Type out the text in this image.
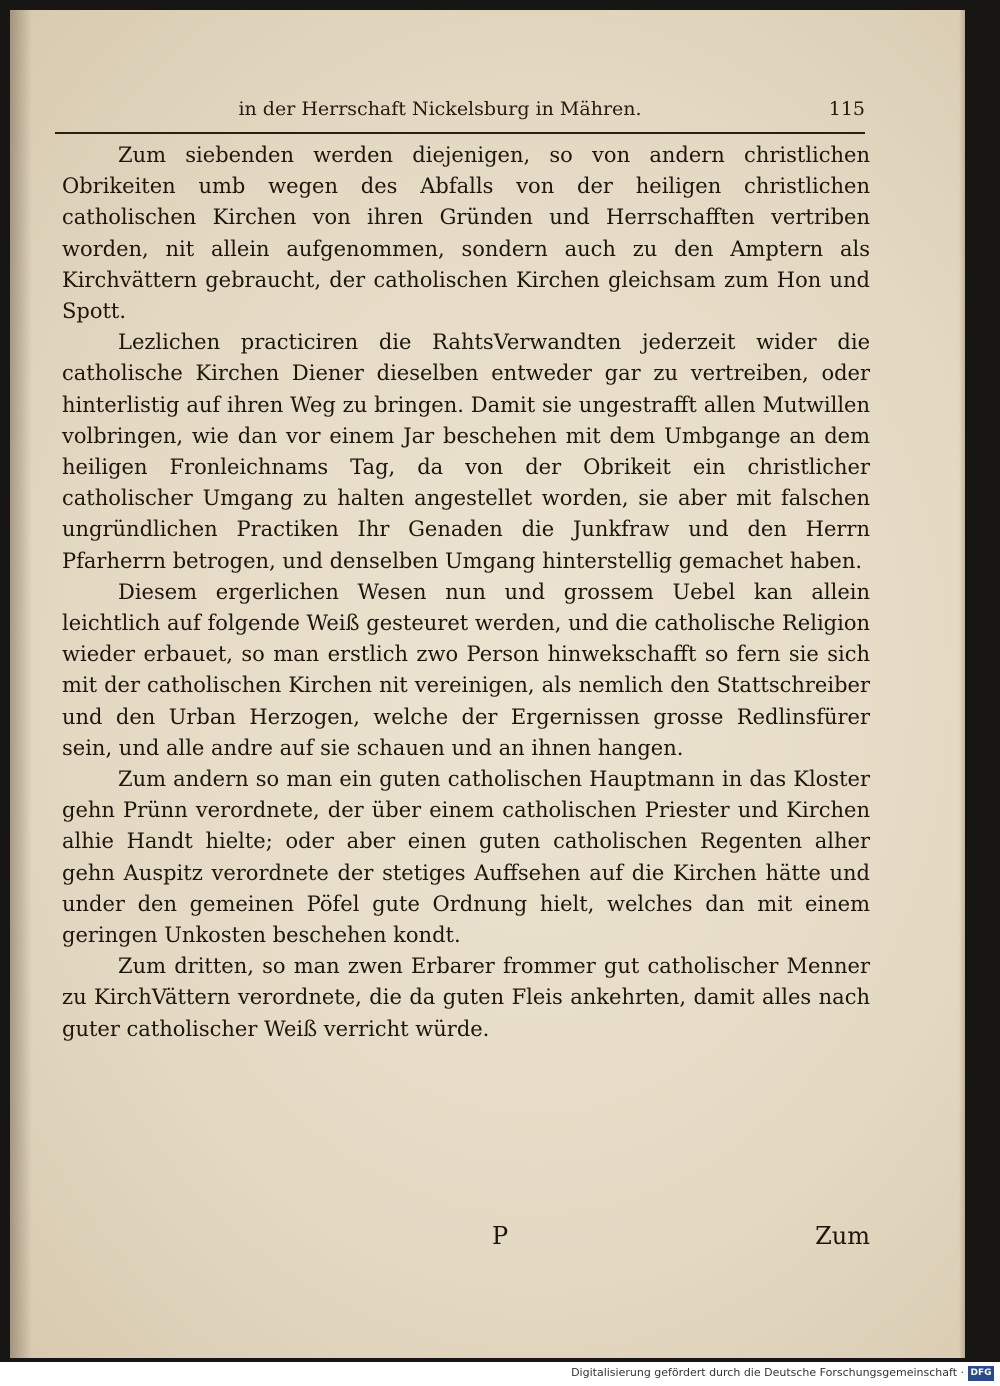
in der Herrschaft Nickelsburg in Mähren.	115

Zum siebenden werden diejenigen, so von andern christlichen Obrikeiten umb wegen des Abfalls von der heiligen christlichen catholischen Kirchen von ihren Gründen und Herrschafften vertriben worden, nit allein aufgenommen, sondern auch zu den Amptern als Kirchvättern gebraucht, der catholischen Kirchen gleichsam zum Hon und Spott.

Lezlichen practiciren die RahtsVerwandten jederzeit wider die catholische Kirchen Diener dieselben entweder gar zu vertreiben, oder hinterlistig auf ihren Weg zu bringen. Damit sie ungestrafft allen Mutwillen volbringen, wie dan vor einem Jar beschehen mit dem Umbgange an dem heiligen Fronleichnams Tag, da von der Obrikeit ein christlicher catholischer Umgang zu halten angestellet worden, sie aber mit falschen ungründlichen Practiken Ihr Genaden die Junkfraw und den Herrn Pfarherrn betrogen, und denselben Umgang hinterstellig gemachet haben.

Diesem ergerlichen Wesen nun und grossem Uebel kan allein leichtlich auf folgende Weiß gesteuret werden, und die catholische Religion wieder erbauet, so man erstlich zwo Person hinwekschafft so fern sie sich mit der catholischen Kirchen nit vereinigen, als nemlich den Stattschreiber und den Urban Herzogen, welche der Ergernissen grosse Redlinsfürer sein, und alle andre auf sie schauen und an ihnen hangen.

Zum andern so man ein guten catholischen Hauptmann in das Kloster gehn Prünn verordnete, der über einem catholischen Priester und Kirchen alhie Handt hielte; oder aber einen guten catholischen Regenten alher gehn Auspitz verordnete der stetiges Auffsehen auf die Kirchen hätte und under den gemeinen Pöfel gute Ordnung hielt, welches dan mit einem geringen Unkosten beschehen kondt.

Zum dritten, so man zwen Erbarer frommer gut catholischer Menner zu KirchVättern verordnete, die da guten Fleis ankehrten, damit alles nach guter catholischer Weiß verricht würde.

P	Zum
Digitalisierung gefördert durch die Deutsche Forschungsgemeinschaft · DFG
